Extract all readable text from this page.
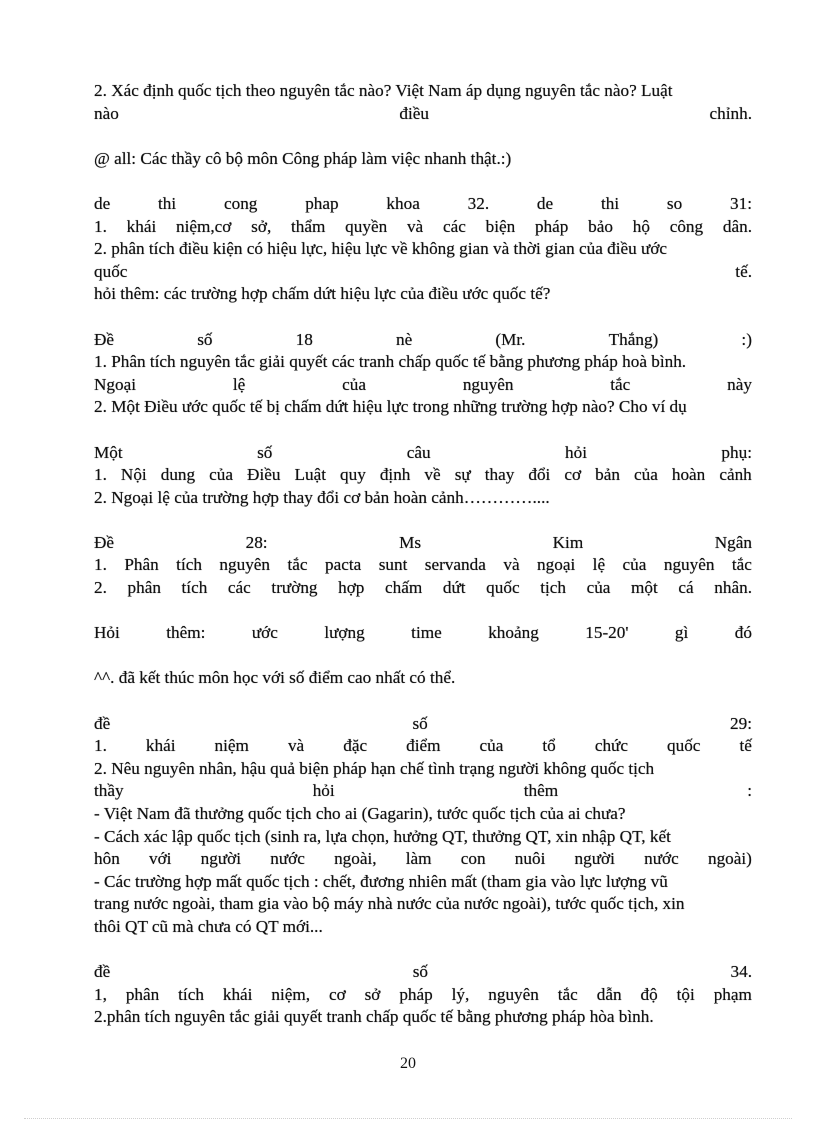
2. Xác định quốc tịch theo nguyên tắc nào? Việt Nam áp dụng nguyên tắc nào? Luật
nào	điều	chỉnh.
@ all: Các thầy cô bộ môn Công pháp làm việc nhanh thật.:)
de	thi	cong	phap	khoa	32.	de	thi	so	31:
1. khái niệm,cơ sở, thẩm quyền và các biện pháp bảo hộ công dân.
2. phân tích điều kiện có hiệu lực, hiệu lực về không gian và thời gian của điều ước
quốc	tế.
hỏi thêm: các trường hợp chấm dứt hiệu lực của điều ước quốc tế?
Đề	số	18	nè	(Mr.	Thắng)	:)
1. Phân tích nguyên tắc giải quyết các tranh chấp quốc tế bằng phương pháp hoà bình.
Ngoại	lệ	của	nguyên	tắc	này
2. Một Điều ước quốc tế bị chấm dứt hiệu lực trong những trường hợp nào? Cho ví dụ
Một	số	câu	hỏi	phụ:
1. Nội dung của Điều Luật quy định về sự thay đổi cơ bản của hoàn cảnh
2. Ngoại lệ của trường hợp thay đổi cơ bản hoàn cảnh…………....
Đề	28:	Ms	Kim	Ngân
1. Phân tích nguyên tắc pacta sunt servanda và ngoại lệ của nguyên tắc
2. phân tích các trường hợp chấm dứt quốc tịch của một cá nhân.
Hỏi	thêm:	ước	lượng	time	khoảng	15-20'	gì	đó
^^. đã kết thúc môn học với số điểm cao nhất có thể.
đề	số	29:
1. khái niệm và đặc điểm của tổ chức quốc tế
2. Nêu nguyên nhân, hậu quả biện pháp hạn chế tình trạng người không quốc tịch
thầy	hỏi	thêm	:
- Việt Nam đã thưởng quốc tịch cho ai (Gagarin), tước quốc tịch của ai chưa?
- Cách xác lập quốc tịch (sinh ra, lựa chọn, hưởng QT, thưởng QT, xin nhập QT, kết
hôn với người nước ngoài, làm con nuôi người nước ngoài)
- Các trường hợp mất quốc tịch : chết, đương nhiên mất (tham gia vào lực lượng vũ
trang nước ngoài, tham gia vào bộ máy nhà nước của nước ngoài), tước quốc tịch, xin
thôi QT cũ mà chưa có QT mới...
đề	số	34.
1, phân tích khái niệm, cơ sở pháp lý, nguyên tắc dẫn độ tội phạm
2.phân tích nguyên tắc giải quyết tranh chấp quốc tế bằng phương pháp hòa bình.
20
